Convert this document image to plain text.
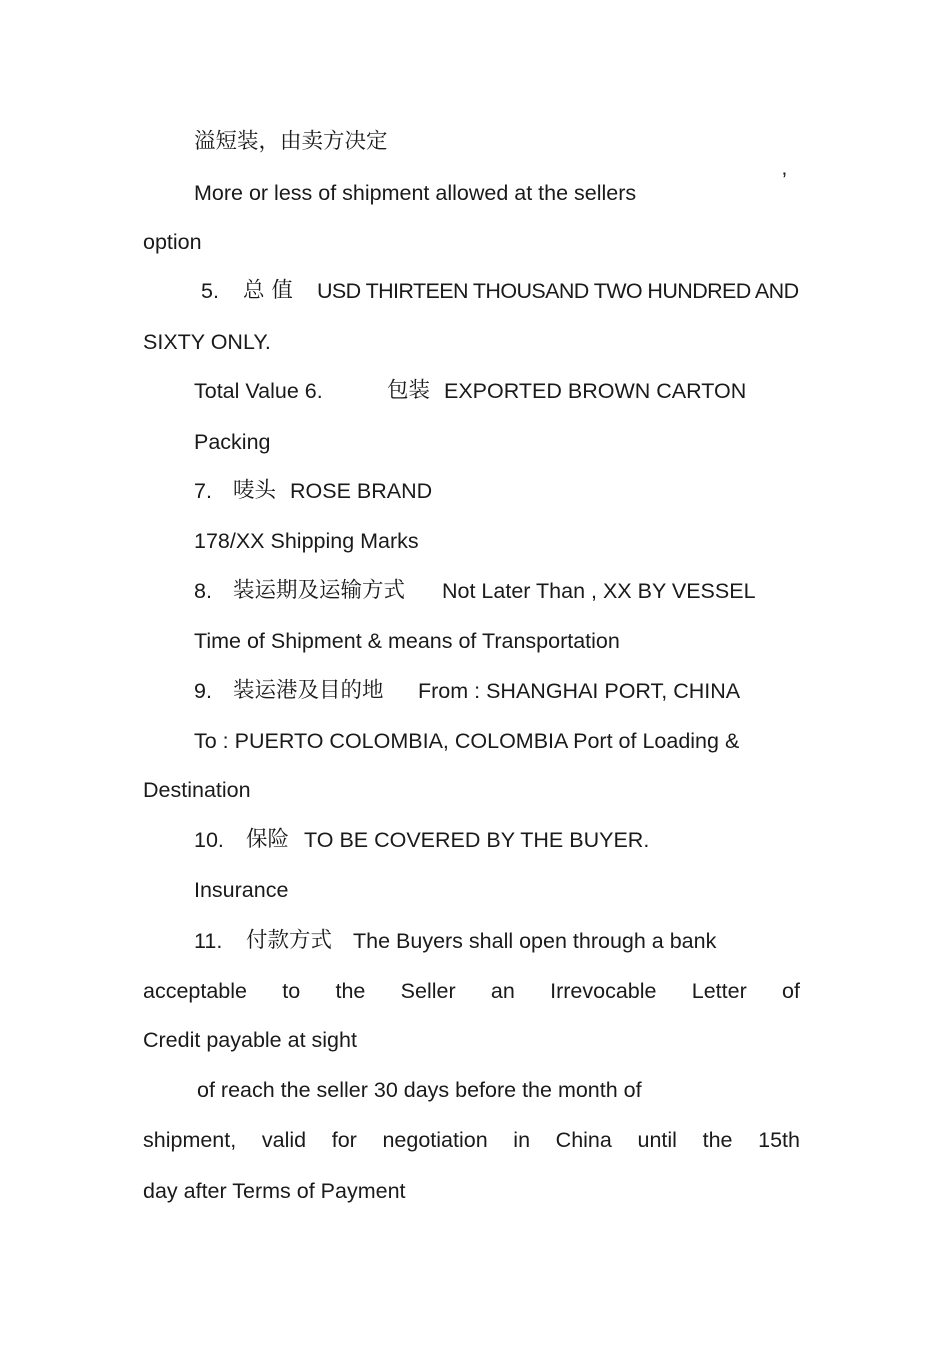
溢短装，由卖方决定
More or less of shipment allowed at the sellers
’
option
5. 总 值 USD THIRTEEN THOUSAND TWO HUNDRED AND
SIXTY ONLY.
Total Value 6.	包装 EXPORTED BROWN CARTON
Packing
7. 唛头 ROSE BRAND
178/XX Shipping Marks
8. 装运期及运输方式 Not Later Than , XX BY VESSEL
Time of Shipment & means of Transportation
9. 装运港及目的地 From : SHANGHAI PORT, CHINA
To : PUERTO COLOMBIA, COLOMBIA Port of Loading &
Destination
10. 保险 TO BE COVERED BY THE BUYER.
Insurance
11. 付款方式 The Buyers shall open through a bank
acceptable to the Seller an Irrevocable Letter of
Credit payable at sight
of reach the seller 30 days before the month of
shipment, valid for negotiation in China until the 15th
day after Terms of Payment
